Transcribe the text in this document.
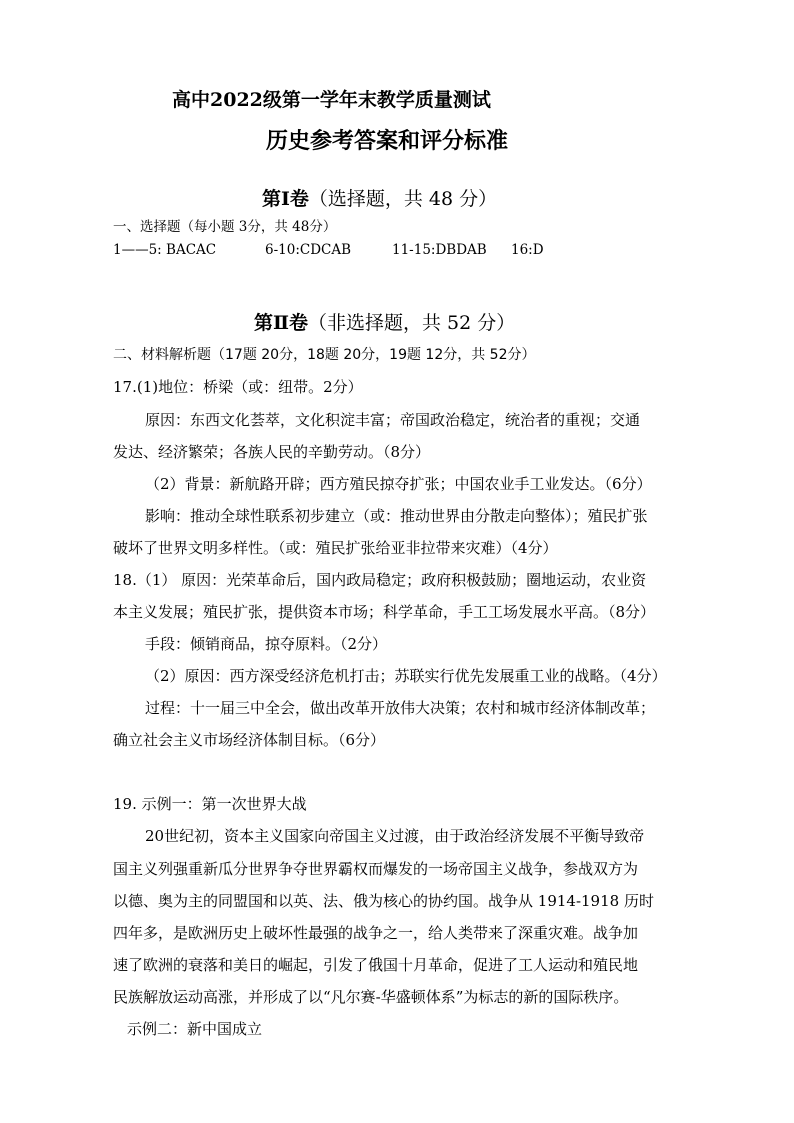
高中2022级第一学年末教学质量测试
历史参考答案和评分标准
第Ⅰ卷（选择题，共 48 分）
一、选择题（每小题 3分，共 48分）
1——5: BACAC	6-10:CDCAB	11-15:DBDAB 16:D
第Ⅱ卷（非选择题，共 52 分）
二、材料解析题（17题 20分，18题 20分，19题 12分，共 52分）
17.(1)地位：桥梁（或：纽带。2分）
原因：东西文化荟萃，文化积淀丰富；帝国政治稳定，统治者的重视；交通
发达、经济繁荣；各族人民的辛勤劳动。（8分）
（2）背景：新航路开辟；西方殖民掠夺扩张；中国农业手工业发达。（6分）
影响：推动全球性联系初步建立（或：推动世界由分散走向整体）；殖民扩张
破坏了世界文明多样性。（或：殖民扩张给亚非拉带来灾难）（4分）
18.（1） 原因：光荣革命后，国内政局稳定；政府积极鼓励；圈地运动，农业资
本主义发展；殖民扩张，提供资本市场；科学革命，手工工场发展水平高。（8分）
手段：倾销商品，掠夺原料。（2分）
（2）原因：西方深受经济危机打击；苏联实行优先发展重工业的战略。（4分）
过程：十一届三中全会，做出改革开放伟大决策；农村和城市经济体制改革；
确立社会主义市场经济体制目标。（6分）
19. 示例一：第一次世界大战
20世纪初，资本主义国家向帝国主义过渡，由于政治经济发展不平衡导致帝
国主义列强重新瓜分世界争夺世界霸权而爆发的一场帝国主义战争，参战双方为
以德、奥为主的同盟国和以英、法、俄为核心的协约国。战争从 1914-1918 历时
四年多，是欧洲历史上破坏性最强的战争之一，给人类带来了深重灾难。战争加
速了欧洲的衰落和美日的崛起，引发了俄国十月革命，促进了工人运动和殖民地
民族解放运动高涨，并形成了以“凡尔赛-华盛顿体系”为标志的新的国际秩序。
示例二：新中国成立
